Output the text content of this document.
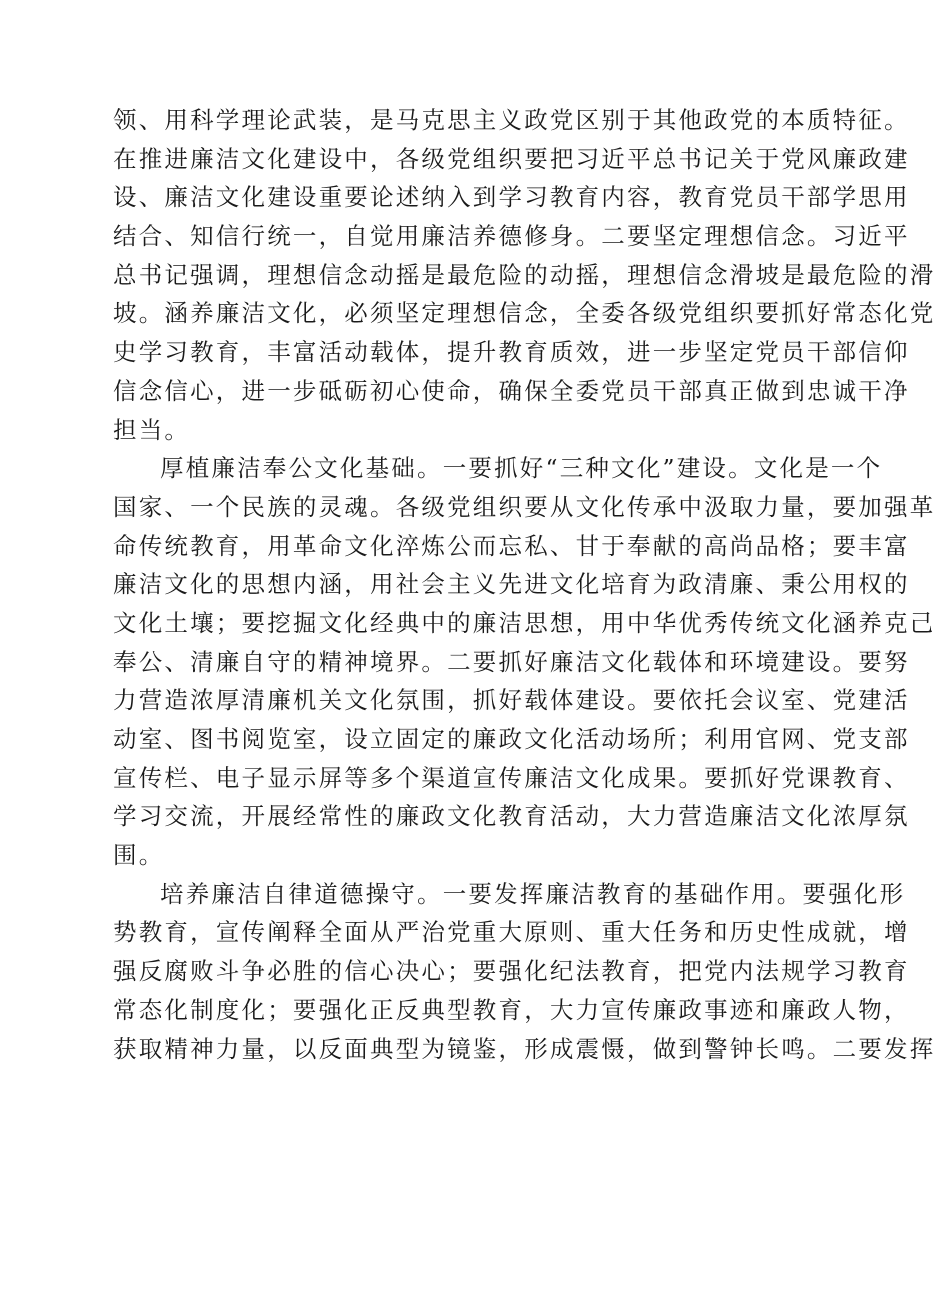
领、用科学理论武装，是马克思主义政党区别于其他政党的本质特征。
在推进廉洁文化建设中，各级党组织要把习近平总书记关于党风廉政建
设、廉洁文化建设重要论述纳入到学习教育内容，教育党员干部学思用
结合、知信行统一，自觉用廉洁养德修身。二要坚定理想信念。习近平
总书记强调，理想信念动摇是最危险的动摇，理想信念滑坡是最危险的滑
坡。涵养廉洁文化，必须坚定理想信念，全委各级党组织要抓好常态化党
史学习教育，丰富活动载体，提升教育质效，进一步坚定党员干部信仰
信念信心，进一步砥砺初心使命，确保全委党员干部真正做到忠诚干净
担当。
厚植廉洁奉公文化基础。一要抓好“三种文化”建设。文化是一个
国家、一个民族的灵魂。各级党组织要从文化传承中汲取力量，要加强革
命传统教育，用革命文化淬炼公而忘私、甘于奉献的高尚品格；要丰富
廉洁文化的思想内涵，用社会主义先进文化培育为政清廉、秉公用权的
文化土壤；要挖掘文化经典中的廉洁思想，用中华优秀传统文化涵养克己
奉公、清廉自守的精神境界。二要抓好廉洁文化载体和环境建设。要努
力营造浓厚清廉机关文化氛围，抓好载体建设。要依托会议室、党建活
动室、图书阅览室，设立固定的廉政文化活动场所；利用官网、党支部
宣传栏、电子显示屏等多个渠道宣传廉洁文化成果。要抓好党课教育、
学习交流，开展经常性的廉政文化教育活动，大力营造廉洁文化浓厚氛
围。
培养廉洁自律道德操守。一要发挥廉洁教育的基础作用。要强化形
势教育，宣传阐释全面从严治党重大原则、重大任务和历史性成就，增
强反腐败斗争必胜的信心决心；要强化纪法教育，把党内法规学习教育
常态化制度化；要强化正反典型教育，大力宣传廉政事迹和廉政人物，
获取精神力量，以反面典型为镜鉴，形成震慑，做到警钟长鸣。二要发挥
